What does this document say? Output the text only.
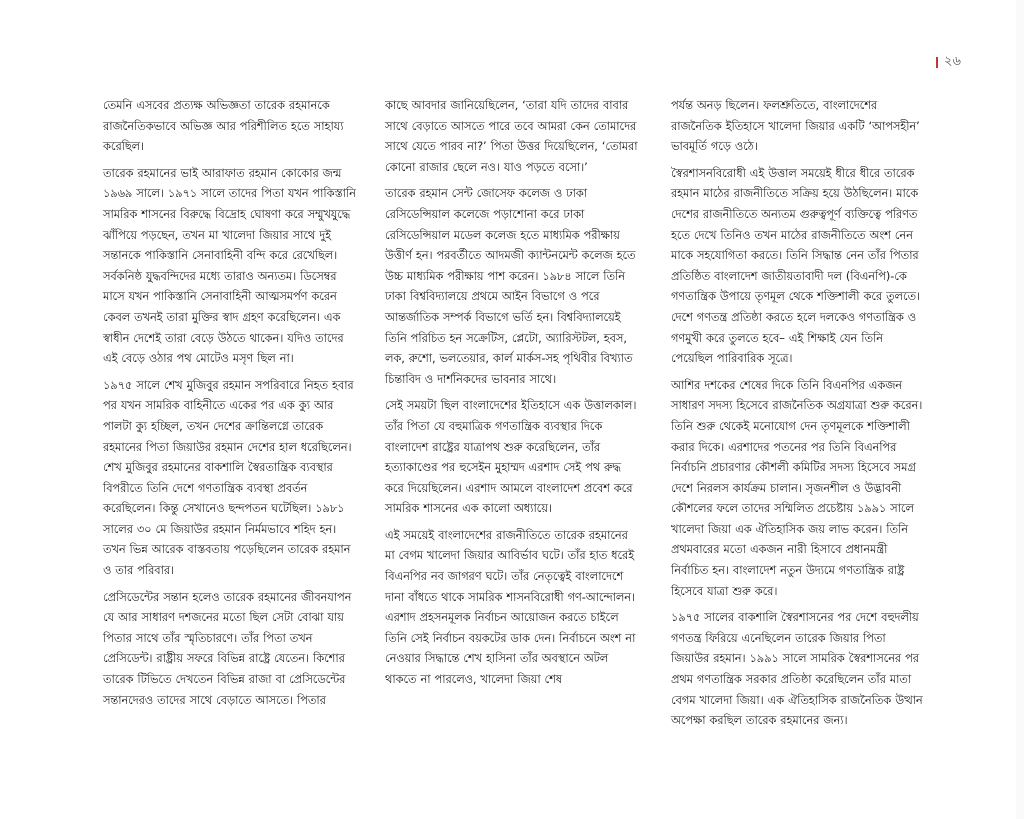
২৬

তেমনি এসবের প্রত্যক্ষ অভিজ্ঞতা তারেক রহমানকে রাজনৈতিকভাবে অভিজ্ঞ আর পরিশীলিত হতে সাহায্য করেছিল।

তারেক রহমানের ভাই আরাফাত রহমান কোকোর জন্ম ১৯৬৯ সালে। ১৯৭১ সালে তাদের পিতা যখন পাকিস্তানি সামরিক শাসনের বিরুদ্ধে বিদ্রোহ ঘোষণা করে সম্মুখযুদ্ধে ঝাঁপিয়ে পড়ছেন, তখন মা খালেদা জিয়ার সাথে দুই সন্তানকে পাকিস্তানি সেনাবাহিনী বন্দি করে রেখেছিল। সর্বকনিষ্ঠ যুদ্ধবন্দিদের মধ্যে তারাও অন্যতম। ডিসেম্বর মাসে যখন পাকিস্তানি সেনাবাহিনী আত্মসমর্পণ করেন কেবল তখনই তারা মুক্তির স্বাদ গ্রহণ করেছিলেন। এক স্বাধীন দেশেই তারা বেড়ে উঠতে থাকেন। যদিও তাদের এই বেড়ে ওঠার পথ মোটেও মসৃণ ছিল না।

১৯৭৫ সালে শেখ মুজিবুর রহমান সপরিবারে নিহত হবার পর যখন সামরিক বাহিনীতে একের পর এক ক্যু আর পালটা ক্যু হচ্ছিল, তখন দেশের ক্রান্তিলগ্নে তারেক রহমানের পিতা জিয়াউর রহমান দেশের হাল ধরেছিলেন। শেখ মুজিবুর রহমানের বাকশালি স্বৈরতান্ত্রিক ব্যবস্থার বিপরীতে তিনি দেশে গণতান্ত্রিক ব্যবস্থা প্রবর্তন করেছিলেন। কিন্তু সেখানেও ছন্দপতন ঘটেছিল। ১৯৮১ সালের ৩০ মে জিয়াউর রহমান নির্মমভাবে শহিদ হন। তখন ভিন্ন আরেক বাস্তবতায় পড়েছিলেন তারেক রহমান ও তার পরিবার।

প্রেসিডেন্টের সন্তান হলেও তারেক রহমানের জীবনযাপন যে আর সাধারণ দশজনের মতো ছিল সেটা বোঝা যায় পিতার সাথে তাঁর স্মৃতিচারণে। তাঁর পিতা তখন প্রেসিডেন্ট। রাষ্ট্রীয় সফরে বিভিন্ন রাষ্ট্রে যেতেন। কিশোর তারেক টিভিতে দেখতেন বিভিন্ন রাজা বা প্রেসিডেন্টের সন্তানদেরও তাদের সাথে বেড়াতে আসতে। পিতার

কাছে আবদার জানিয়েছিলেন, ‘তারা যদি তাদের বাবার সাথে বেড়াতে আসতে পারে তবে আমরা কেন তোমাদের সাথে যেতে পারব না?’ পিতা উত্তর দিয়েছিলেন, ‘তোমরা কোনো রাজার ছেলে নও। যাও পড়তে বসো।’

তারেক রহমান সেন্ট জোসেফ কলেজ ও ঢাকা রেসিডেন্সিয়াল কলেজে পড়াশোনা করে ঢাকা রেসিডেন্সিয়াল মডেল কলেজ হতে মাধ্যমিক পরীক্ষায় উত্তীর্ণ হন। পরবর্তীতে আদমজী ক্যান্টনমেন্ট কলেজ হতে উচ্চ মাধ্যমিক পরীক্ষায় পাশ করেন। ১৯৮৪ সালে তিনি ঢাকা বিশ্ববিদ্যালয়ে প্রথমে আইন বিভাগে ও পরে আন্তর্জাতিক সম্পর্ক বিভাগে ভর্তি হন। বিশ্ববিদ্যালয়েই তিনি পরিচিত হন সক্রেটিস, প্লেটো, অ্যারিস্টটল, হবস, লক, রুশো, ভলতেয়ার, কার্ল মার্কস-সহ পৃথিবীর বিখ্যাত চিন্তাবিদ ও দার্শনিকদের ভাবনার সাথে।

সেই সময়টা ছিল বাংলাদেশের ইতিহাসে এক উত্তালকাল। তাঁর পিতা যে বহুমাত্রিক গণতান্ত্রিক ব্যবস্থার দিকে বাংলাদেশ রাষ্ট্রের যাত্রাপথ শুরু করেছিলেন, তাঁর হত্যাকাণ্ডের পর হুসেইন মুহাম্মদ এরশাদ সেই পথ রুদ্ধ করে দিয়েছিলেন। এরশাদ আমলে বাংলাদেশ প্রবেশ করে সামরিক শাসনের এক কালো অধ্যায়ে।

এই সময়েই বাংলাদেশের রাজনীতিতে তারেক রহমানের মা বেগম খালেদা জিয়ার আবির্ভাব ঘটে। তাঁর হাত ধরেই বিএনপির নব জাগরণ ঘটে। তাঁর নেতৃত্বেই বাংলাদেশে দানা বাঁধতে থাকে সামরিক শাসনবিরোধী গণ-আন্দোলন। এরশাদ প্রহসনমূলক নির্বাচন আয়োজন করতে চাইলে তিনি সেই নির্বাচন বয়কটের ডাক দেন। নির্বাচনে অংশ না নেওয়ার সিদ্ধান্তে শেখ হাসিনা তাঁর অবস্থানে অটল থাকতে না পারলেও, খালেদা জিয়া শেষ

পর্যন্ত অনড় ছিলেন। ফলশ্রুতিতে, বাংলাদেশের রাজনৈতিক ইতিহাসে খালেদা জিয়ার একটি ‘আপসহীন’ ভাবমূর্তি গড়ে ওঠে।

স্বৈরশাসনবিরোধী এই উত্তাল সময়েই ধীরে ধীরে তারেক রহমান মাঠের রাজনীতিতে সক্রিয় হয়ে উঠছিলেন। মাকে দেশের রাজনীতিতে অন্যতম গুরুত্বপূর্ণ ব্যক্তিত্বে পরিণত হতে দেখে তিনিও তখন মাঠের রাজনীতিতে অংশ নেন মাকে সহযোগিতা করতে। তিনি সিদ্ধান্ত নেন তাঁর পিতার প্রতিষ্ঠিত বাংলাদেশ জাতীয়তাবাদী দল (বিএনপি)-কে গণতান্ত্রিক উপায়ে তৃণমূল থেকে শক্তিশালী করে তুলতে। দেশে গণতন্ত্র প্রতিষ্ঠা করতে হলে দলকেও গণতান্ত্রিক ও গণমুখী করে তুলতে হবে– এই শিক্ষাই যেন তিনি পেয়েছিল পারিবারিক সূত্রে।

আশির দশকের শেষের দিকে তিনি বিএনপির একজন সাধারণ সদস্য হিসেবে রাজনৈতিক অগ্রযাত্রা শুরু করেন। তিনি শুরু থেকেই মনোযোগ দেন তৃণমূলকে শক্তিশালী করার দিকে। এরশাদের পতনের পর তিনি বিএনপির নির্বাচনি প্রচারণার কৌশলী কমিটির সদস্য হিসেবে সমগ্র দেশে নিরলস কার্যক্রম চালান। সৃজনশীল ও উদ্ভাবনী কৌশলের ফলে তাদের সম্মিলিত প্রচেষ্টায় ১৯৯১ সালে খালেদা জিয়া এক ঐতিহাসিক জয় লাভ করেন। তিনি প্রথমবারের মতো একজন নারী হিসাবে প্রধানমন্ত্রী নির্বাচিত হন। বাংলাদেশ নতুন উদ্যমে গণতান্ত্রিক রাষ্ট্র হিসেবে যাত্রা শুরু করে।

১৯৭৫ সালের বাকশালি স্বৈরশাসনের পর দেশে বহুদলীয় গণতন্ত্র ফিরিয়ে এনেছিলেন তারেক জিয়ার পিতা জিয়াউর রহমান। ১৯৯১ সালে সামরিক স্বৈরশাসনের পর প্রথম গণতান্ত্রিক সরকার প্রতিষ্ঠা করেছিলেন তাঁর মাতা বেগম খালেদা জিয়া। এক ঐতিহাসিক রাজনৈতিক উত্থান অপেক্ষা করছিল তারেক রহমানের জন্য।
